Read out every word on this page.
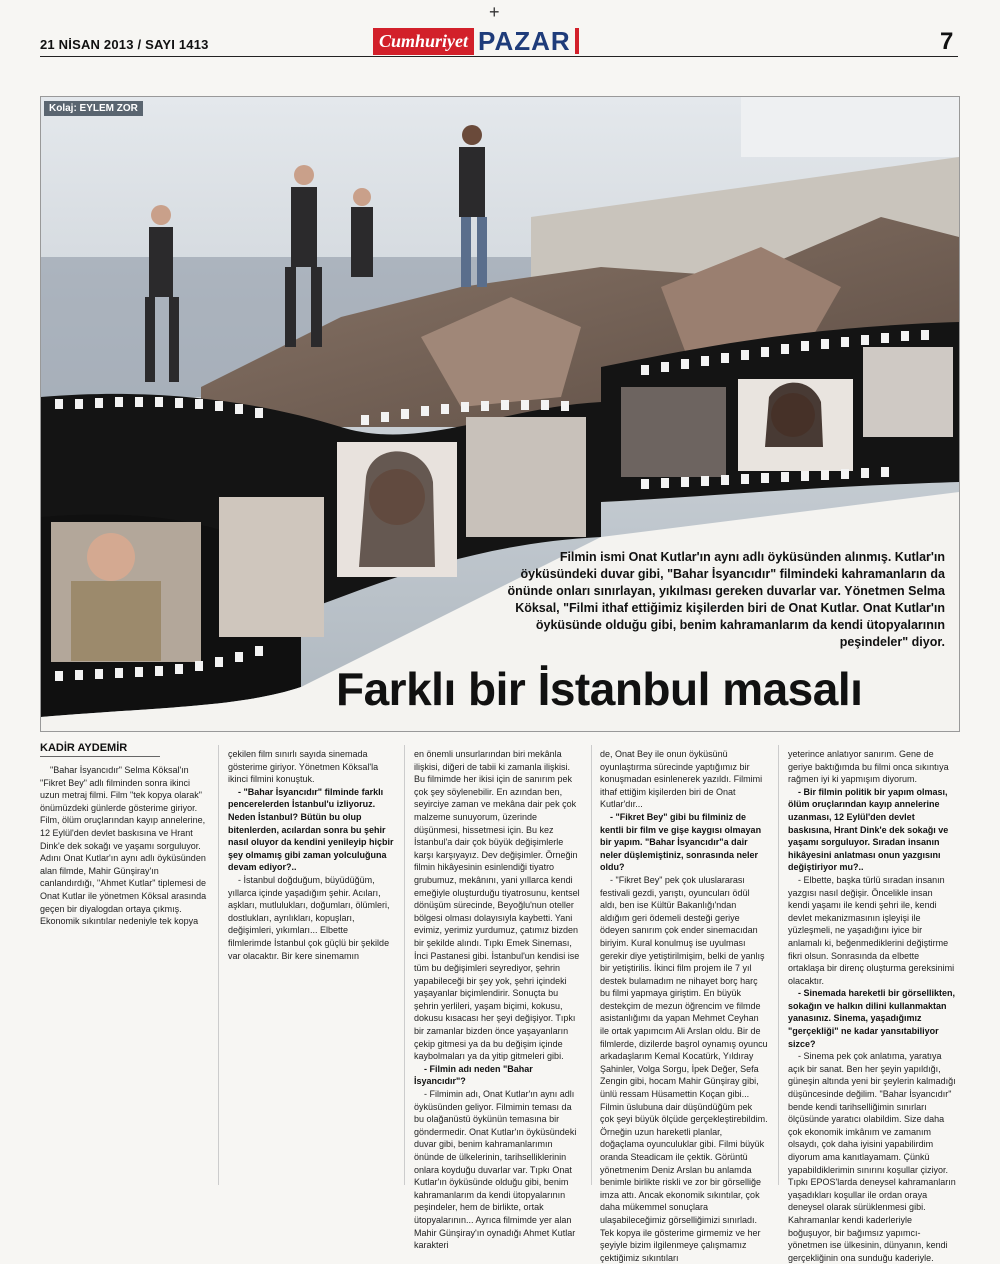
21 NİSAN 2013 / SAYI 1413
+
Cumhuriyet PAZAR	7
Kolaj: EYLEM ZOR
Filmin ismi Onat Kutlar'ın aynı adlı öyküsünden alınmış. Kutlar'ın öyküsündeki duvar gibi, "Bahar İsyancıdır" filmindeki kahramanların da önünde onları sınırlayan, yıkılması gereken duvarlar var. Yönetmen Selma Köksal, "Filmi ithaf ettiğimiz kişilerden biri de Onat Kutlar. Onat Kutlar'ın öyküsünde olduğu gibi, benim kahramanlarım da kendi ütopyalarının peşindeler" diyor.
Farklı bir İstanbul masalı
KADİR AYDEMİR

"Bahar İsyancıdır" Selma Köksal'ın "Fikret Bey" adlı filminden sonra ikinci uzun metraj filmi. Film "tek kopya olarak" önümüzdeki günlerde gösterime giriyor. Film, ölüm oruçlarından kayıp annelerine, 12 Eylül'den devlet baskısına ve Hrant Dink'e dek sokağı ve yaşamı sorguluyor. Adını Onat Kutlar'ın aynı adlı öyküsünden alan filmde, Mahir Günşiray'ın canlandırdığı, "Ahmet Kutlar" tiplemesi de Onat Kutlar ile yönetmen Köksal arasında geçen bir diyalogdan ortaya çıkmış. Ekonomik sıkıntılar nedeniyle tek kopya

çekilen film sınırlı sayıda sinemada gösterime giriyor. Yönetmen Köksal'la ikinci filmini konuştuk.

- "Bahar İsyancıdır" filminde farklı pencerelerden İstanbul'u izliyoruz. Neden İstanbul? Bütün bu olup bitenlerden, acılardan sonra bu şehir nasıl oluyor da kendini yenileyip hiçbir şey olmamış gibi zaman yolculuğuna devam ediyor?..

- İstanbul doğduğum, büyüdüğüm, yıllarca içinde yaşadığım şehir. Acıları, aşkları, mutlulukları, doğumları, ölümleri, dostlukları, ayrılıkları, kopuşları, değişimleri, yıkımları... Elbette filmlerimde İstanbul çok güçlü bir şekilde var olacaktır. Bir kere sinemamın

en önemli unsurlarından biri mekânla ilişkisi, diğeri de tabii ki zamanla ilişkisi. Bu filmimde her ikisi için de sanırım pek çok şey söylenebilir. En azından ben, seyirciye zaman ve mekâna dair pek çok malzeme sunuyorum, üzerinde düşünmesi, hissetmesi için. Bu kez İstanbul'a dair çok büyük değişimlerle karşı karşıyayız. Dev değişimler. Örneğin filmin hikâyesinin esinlendiği tiyatro grubumuz, mekânını, yani yıllarca kendi emeğiyle oluşturduğu tiyatrosunu, kentsel dönüşüm sürecinde, Beyoğlu'nun oteller bölgesi olması dolayısıyla kaybetti. Yani evimiz, yerimiz yurdumuz, çatımız bizden bir şekilde alındı. Tıpkı Emek Sineması, İnci Pastanesi gibi. İstanbul'un kendisi ise tüm bu değişimleri seyrediyor, şehrin yapabileceği bir şey yok, şehri içindeki yaşayanlar biçimlendirir. Sonuçta bu şehrin yerlileri, yaşam biçimi, kokusu, dokusu kısacası her şeyi değişiyor. Tıpkı bir zamanlar bizden önce yaşayanların çekip gitmesi ya da bu değişim içinde kaybolmaları ya da yitip gitmeleri gibi.

- Filmin adı neden "Bahar İsyancıdır"?

- Filmimin adı, Onat Kutlar'ın aynı adlı öyküsünden geliyor. Filmimin teması da bu olağanüstü öykünün temasına bir göndermedir. Onat Kutlar'ın öyküsündeki duvar gibi, benim kahramanlarımın önünde de ülkelerinin, tarihselliklerinin onlara koyduğu duvarlar var. Tıpkı Onat Kutlar'ın öyküsünde olduğu gibi, benim kahramanlarım da kendi ütopyalarının peşindeler, hem de birlikte, ortak ütopyalarının... Ayrıca filmimde yer alan Mahir Günşiray'ın oynadığı Ahmet Kutlar karakteri

de, Onat Bey ile onun öyküsünü oyunlaştırma sürecinde yaptığımız bir konuşmadan esinlenerek yazıldı. Filmimi ithaf ettiğim kişilerden biri de Onat Kutlar'dır...

- "Fikret Bey" gibi bu filminiz de kentli bir film ve gişe kaygısı olmayan bir yapım. "Bahar İsyancıdır"a dair neler düşlemiştiniz, sonrasında neler oldu?

- "Fikret Bey" pek çok uluslararası festivali gezdi, yarıştı, oyuncuları ödül aldı, ben ise Kültür Bakanlığı'ndan aldığım geri ödemeli desteği geriye ödeyen sanırım çok ender sinemacıdan biriyim. Kural konulmuş ise uyulması gerekir diye yetiştirilmişim, belki de yanlış bir yetiştirilis. İkinci film projem ile 7 yıl destek bulamadım ne nihayet borç harç bu filmi yapmaya giriştim. En büyük destekçim de mezun öğrencim ve filmde asistanlığımı da yapan Mehmet Ceyhan ile ortak yapımcım Ali Arslan oldu. Bir de filmlerde, dizilerde başrol oynamış oyuncu arkadaşlarım Kemal Kocatürk, Yıldıray Şahinler, Volga Sorgu, İpek Değer, Sefa Zengin gibi, hocam Mahir Günşiray gibi, ünlü ressam Hüsamettin Koçan gibi... Filmin üslubuna dair düşündüğüm pek çok şeyi büyük ölçüde gerçekleştirebildim. Örneğin uzun hareketli planlar, doğaçlama oyunculuklar gibi. Filmi büyük oranda Steadicam ile çektik. Görüntü yönetmenim Deniz Arslan bu anlamda benimle birlikte riskli ve zor bir görselliğe imza attı. Ancak ekonomik sıkıntılar, çok daha mükemmel sonuçlara ulaşabileceğimiz görselliğimizi sınırladı. Tek kopya ile gösterime girmemiz ve her şeyiyle bizim ilgilenmeye çalışmamız çektiğimiz sıkıntıları

yeterince anlatıyor sanırım. Gene de geriye baktığımda bu filmi onca sıkıntıya rağmen iyi ki yapmışım diyorum.

- Bir filmin politik bir yapım olması, ölüm oruçlarından kayıp annelerine uzanması, 12 Eylül'den devlet baskısına, Hrant Dink'e dek sokağı ve yaşamı sorguluyor. Sıradan insanın hikâyesini anlatması onun yazgısını değiştiriyor mu?..

- Elbette, başka türlü sıradan insanın yazgısı nasıl değişir. Öncelikle insan kendi yaşamı ile kendi şehri ile, kendi devlet mekanizmasının işleyişi ile yüzleşmeli, ne yaşadığını iyice bir anlamalı ki, beğenmediklerini değiştirme fikri olsun. Sonrasında da elbette ortaklaşa bir direnç oluşturma gereksinimi olacaktır.

- Sinemada hareketli bir görsellikten, sokağın ve halkın dilini kullanmaktan yanasınız. Sinema, yaşadığımız "gerçekliği" ne kadar yansıtabiliyor sizce?

- Sinema pek çok anlatıma, yaratıya açık bir sanat. Ben her şeyin yapıldığı, güneşin altında yeni bir şeylerin kalmadığı düşüncesinde değilim. "Bahar İsyancıdır" bende kendi tarihselliğimin sınırları ölçüsünde yaratıcı olabildim. Size daha çok ekonomik imkânım ve zamanım olsaydı, çok daha iyisini yapabilirdim diyorum ama kanıtlayamam. Çünkü yapabildiklerimin sınırını koşullar çiziyor. Tıpkı EPOS'larda deneysel kahramanların yaşadıkları koşullar ile ordan oraya deneysel olarak sürüklenmesi gibi. Kahramanlar kendi kaderleriyle boğuşuyor, bir bağımsız yapımcı-yönetmen ise ülkesinin, dünyanın, kendi gerçekliğinin ona sunduğu kaderiyle.
